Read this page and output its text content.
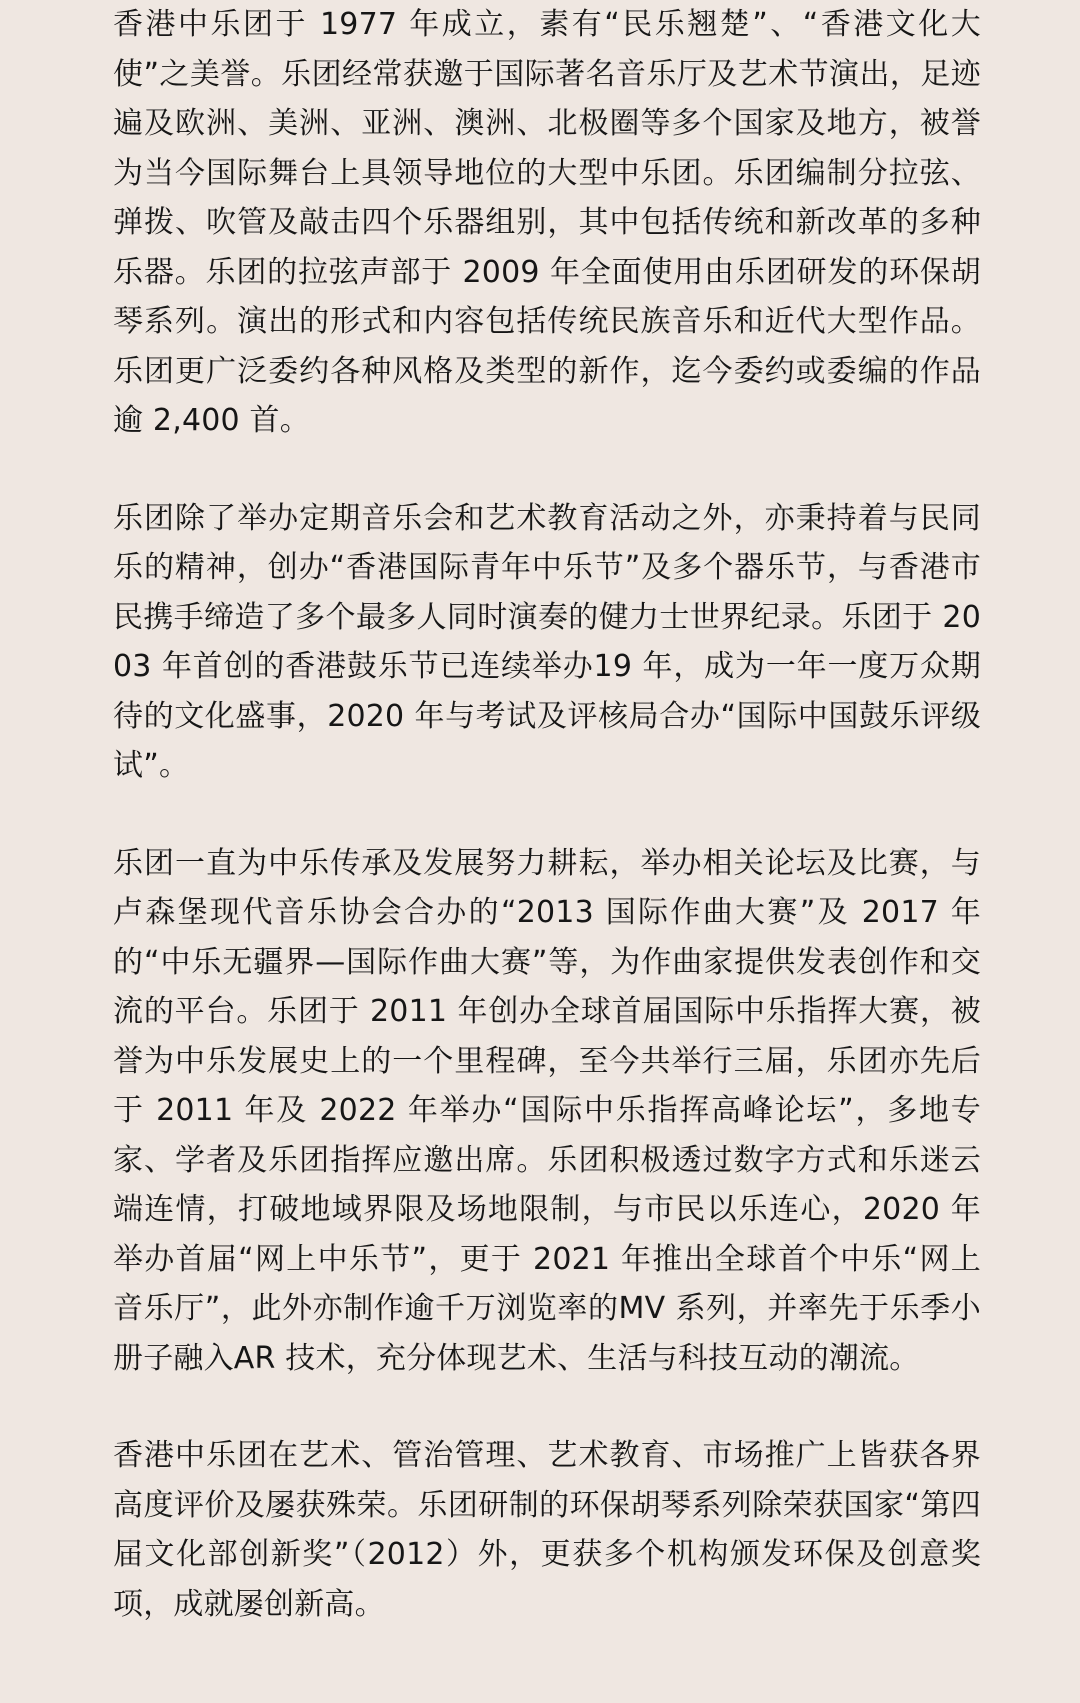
香港中乐团于 1977 年成立，素有“民乐翘楚”、“香港文化大使”之美誉。乐团经常获邀于国际著名音乐厅及艺术节演出，足迹遍及欧洲、美洲、亚洲、澳洲、北极圈等多个国家及地方，被誉为当今国际舞台上具领导地位的大型中乐团。乐团编制分拉弦、弹拨、吹管及敲击四个乐器组别，其中包括传统和新改革的多种乐器。乐团的拉弦声部于 2009 年全面使用由乐团研发的环保胡琴系列。演出的形式和内容包括传统民族音乐和近代大型作品。乐团更广泛委约各种风格及类型的新作，迄今委约或委编的作品逾 2,400 首。

乐团除了举办定期音乐会和艺术教育活动之外，亦秉持着与民同乐的精神，创办“香港国际青年中乐节”及多个器乐节，与香港市民携手缔造了多个最多人同时演奏的健力士世界纪录。乐团于 2003 年首创的香港鼓乐节已连续举办19 年，成为一年一度万众期待的文化盛事，2020 年与考试及评核局合办“国际中国鼓乐评级试”。

乐团一直为中乐传承及发展努力耕耘，举办相关论坛及比赛，与卢森堡现代音乐协会合办的“2013 国际作曲大赛”及 2017 年的“中乐无疆界—国际作曲大赛”等，为作曲家提供发表创作和交流的平台。乐团于 2011 年创办全球首届国际中乐指挥大赛，被誉为中乐发展史上的一个里程碑，至今共举行三届，乐团亦先后于 2011 年及 2022 年举办“国际中乐指挥高峰论坛”，多地专家、学者及乐团指挥应邀出席。乐团积极透过数字方式和乐迷云端连情，打破地域界限及场地限制，与市民以乐连心，2020 年举办首届“网上中乐节”，更于 2021 年推出全球首个中乐“网上音乐厅”，此外亦制作逾千万浏览率的MV 系列，并率先于乐季小册子融入AR 技术，充分体现艺术、生活与科技互动的潮流。

香港中乐团在艺术、管治管理、艺术教育、市场推广上皆获各界高度评价及屡获殊荣。乐团研制的环保胡琴系列除荣获国家“第四届文化部创新奖”（2012）外，更获多个机构颁发环保及创意奖项，成就屡创新高。
